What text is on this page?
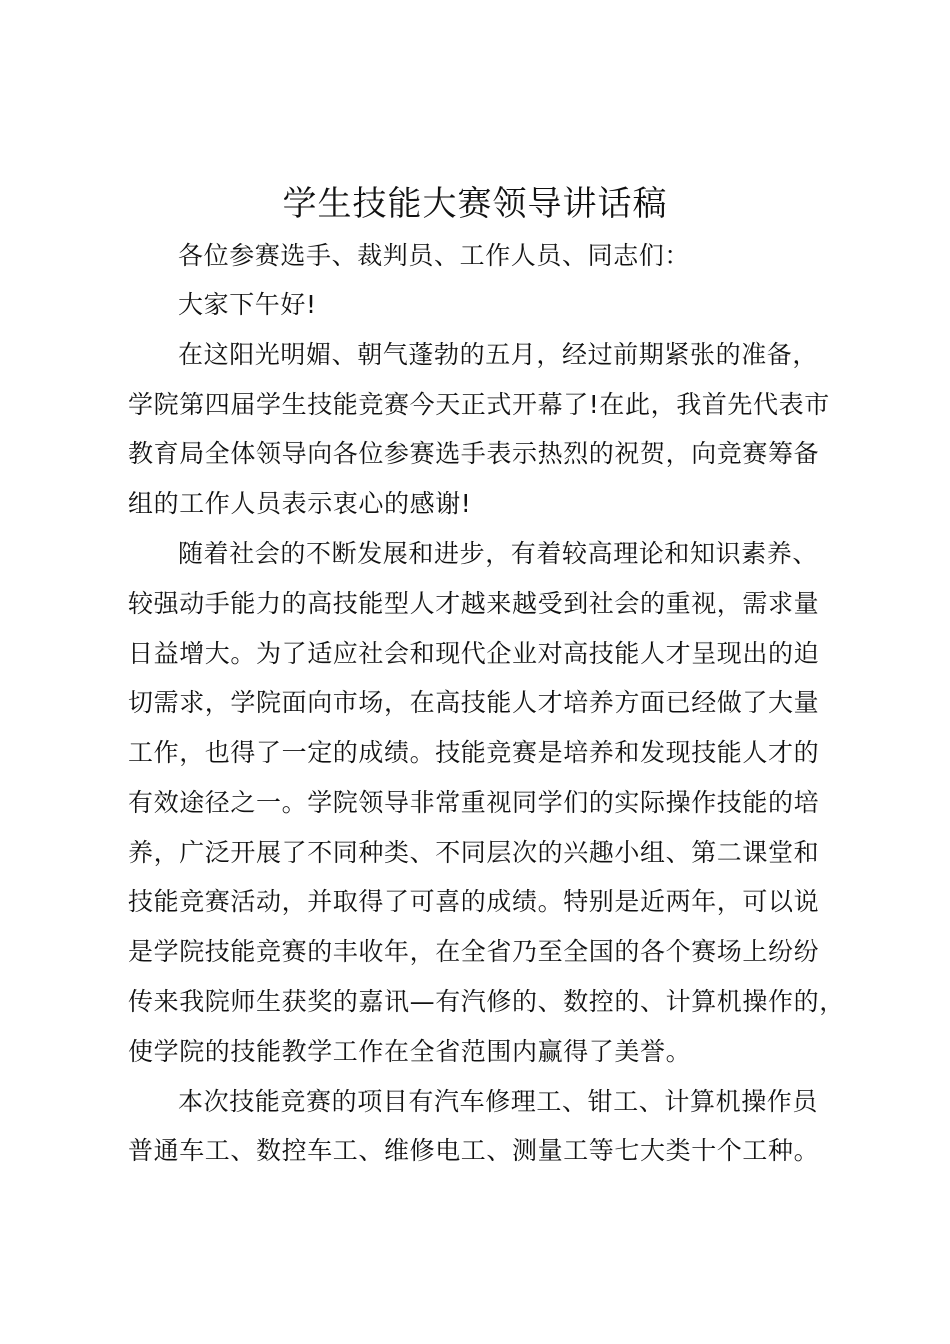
学生技能大赛领导讲话稿
各位参赛选手、裁判员、工作人员、同志们：
大家下午好!
在这阳光明媚、朝气蓬勃的五月，经过前期紧张的准备，
学院第四届学生技能竞赛今天正式开幕了!在此，我首先代表市
教育局全体领导向各位参赛选手表示热烈的祝贺，向竞赛筹备
组的工作人员表示衷心的感谢!
随着社会的不断发展和进步，有着较高理论和知识素养、
较强动手能力的高技能型人才越来越受到社会的重视，需求量
日益增大。为了适应社会和现代企业对高技能人才呈现出的迫
切需求，学院面向市场，在高技能人才培养方面已经做了大量
工作，也得了一定的成绩。技能竞赛是培养和发现技能人才的
有效途径之一。学院领导非常重视同学们的实际操作技能的培
养，广泛开展了不同种类、不同层次的兴趣小组、第二课堂和
技能竞赛活动，并取得了可喜的成绩。特别是近两年，可以说
是学院技能竞赛的丰收年，在全省乃至全国的各个赛场上纷纷
传来我院师生获奖的嘉讯—有汽修的、数控的、计算机操作的，
使学院的技能教学工作在全省范围内赢得了美誉。
本次技能竞赛的项目有汽车修理工、钳工、计算机操作员
普通车工、数控车工、维修电工、测量工等七大类十个工种。
